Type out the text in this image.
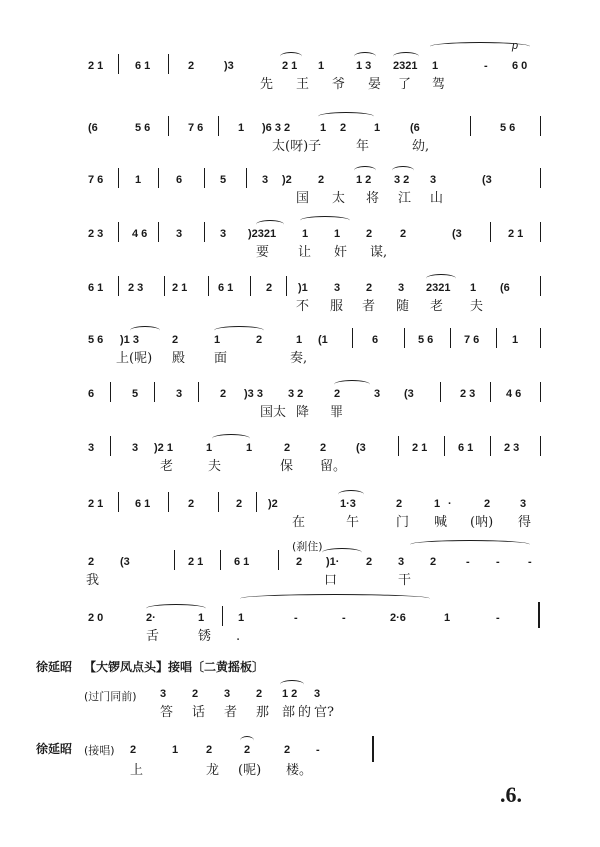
2 1	6 1	2	)3	2 1 1	1 3 2321 1	-
p
6 0
先 王 爷 晏 了 驾
(6	5 6	7 6	1 )6 3 2	1 2	1	(6	5 6
太(呀)子	年	幼,
7 6	1	6	5	3 )2 2	1 2 3 2 3	(3
国 太 将 江 山
2 3	4 6	3	3 )2321 1 1 2	2	(3	2 1
要 让 奸 谋,
6 1 2 3	2 1	6 1	2 )1 3 2 3 2321 1 (6
不 服 者 随 老 夫
5 6 )1 3	2	1	2	1 (1	6	5 6	7 6	1
上(呢) 殿 面	奏,
6	5	3	2 )3 3 3 2	2	3 (3	2 3	4 6
国太 降 罪
3	3 )2 1	1	1	2	2	(3	2 1	6 1	2 3
老	夫	保 留。
2 1	6 1	2	2 )2	1·3	2	1 ·	2	3
在	午	门 喊 (呐) 得
2 (3	2 1	6 1
(刹住)
2 )1· 2 3 2	- -	-
我	口	干
2 0	2·	1	1	-	-	2·6	1	-
舌	锈 .
徐延昭 【大锣凤点头】接唱〔二黄摇板〕
(过门同前) 3 2 3 2 1 2 3
答 话 者 那 部 的 官?
徐延昭 (接唱) 2	1	2	2	2 -
上	龙 (呢) 楼。
.6.
